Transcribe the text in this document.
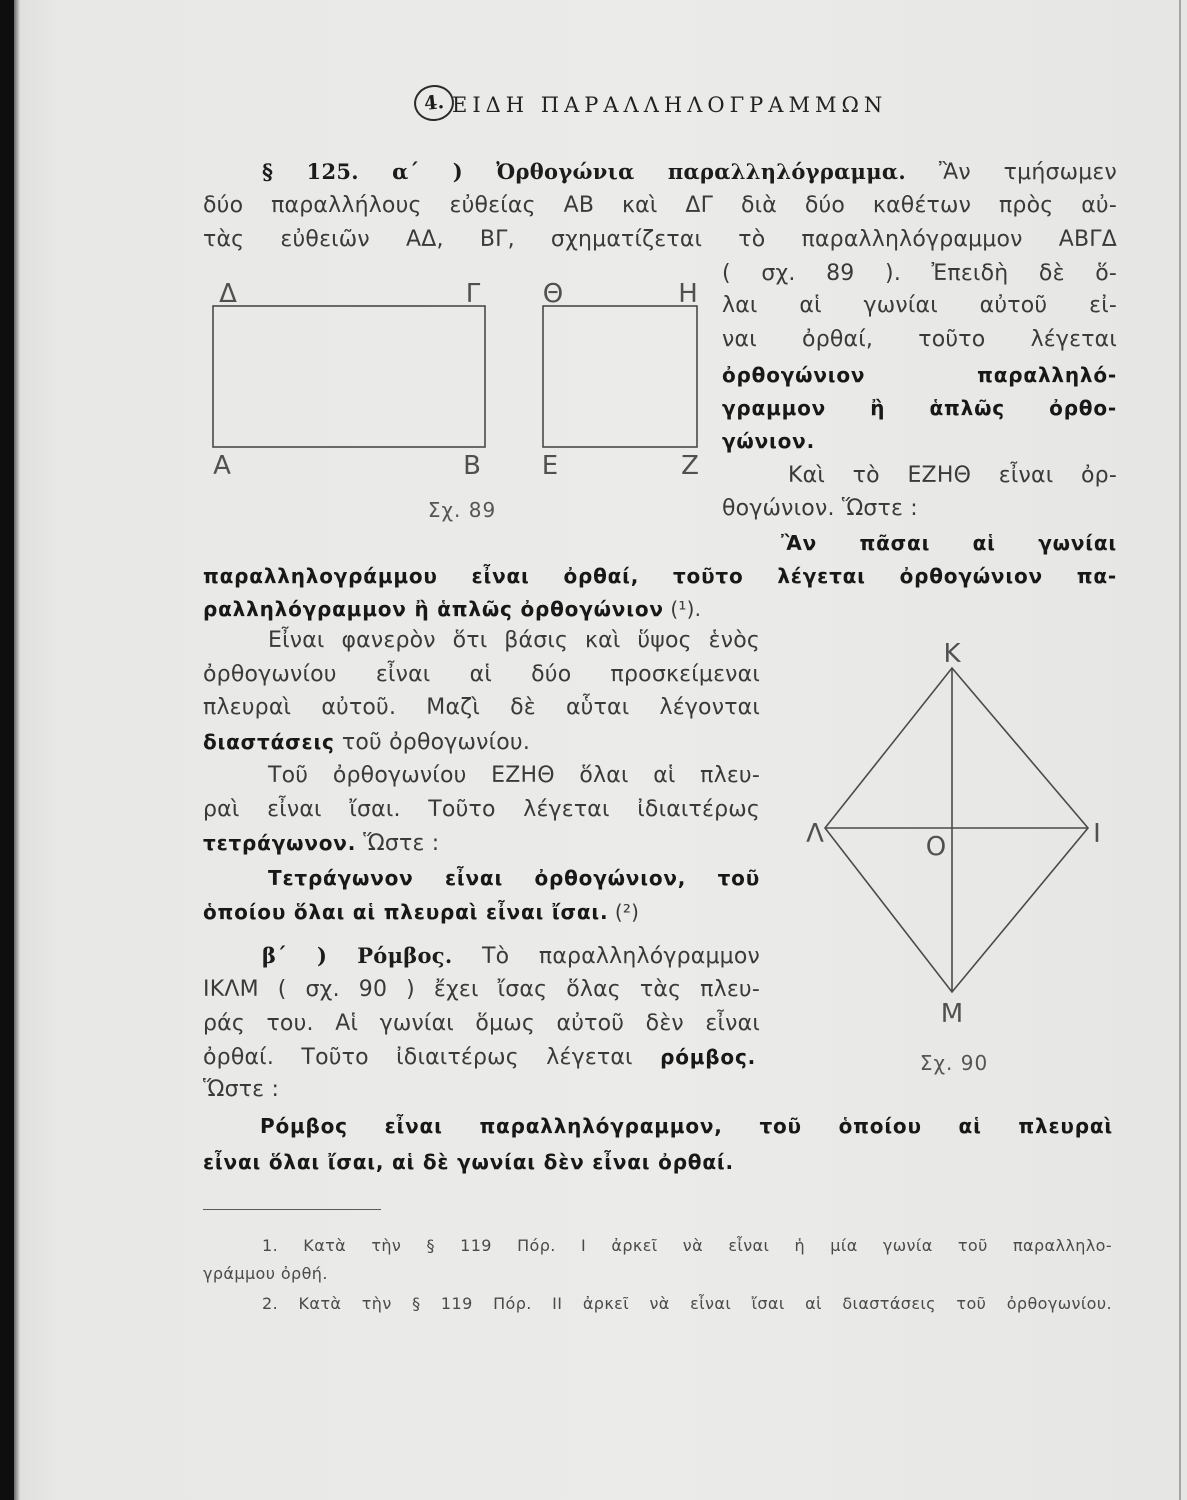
4. ΕΙΔΗ ΠΑΡΑΛΛΗΛΟΓΡΑΜΜΩΝ
§ 125. α΄ ) Ὀρθογώνια παραλληλόγραμμα. Ἂν τμήσωμεν
δύο παραλλήλους εὐθείας ΑΒ καὶ ΔΓ διὰ δύο καθέτων πρὸς αὐ-
τὰς εὐθειῶν ΑΔ, ΒΓ, σχηματίζεται τὸ παραλληλόγραμμον ΑΒΓΔ
( σχ. 89 ). Ἐπειδὴ δὲ ὅ-
λαι αἱ γωνίαι αὐτοῦ εἰ-
ναι ὀρθαί, τοῦτο λέγεται
ὀρθογώνιον παραλληλό-
γραμμον ἢ ἁπλῶς ὀρθο-
γώνιον.
Καὶ τὸ ΕΖΗΘ εἶναι ὀρ-
θογώνιον. Ὥστε :
Ἂν πᾶσαι αἱ γωνίαι
παραλληλογράμμου εἶναι ὀρθαί, τοῦτο λέγεται ὀρθογώνιον πα-
ραλληλόγραμμον ἢ ἁπλῶς ὀρθογώνιον (¹).
Δ	Γ
Α	Β
Θ	Η
Ε	Ζ
Σχ. 89
Εἶναι φανερὸν ὅτι βάσις καὶ ὕψος ἑνὸς
ὀρθογωνίου εἶναι αἱ δύο προσκείμεναι
πλευραὶ αὐτοῦ. Μαζὶ δὲ αὗται λέγονται
διαστάσεις τοῦ ὀρθογωνίου.
Τοῦ ὀρθογωνίου ΕΖΗΘ ὅλαι αἱ πλευ-
ραὶ εἶναι ἴσαι. Τοῦτο λέγεται ἰδιαιτέρως
τετράγωνον. Ὥστε :
Τετράγωνον εἶναι ὀρθογώνιον, τοῦ
ὁποίου ὅλαι αἱ πλευραὶ εἶναι ἴσαι. (²)
β΄ ) Ρόμβος. Τὸ παραλληλόγραμμον
ΙΚΛΜ ( σχ. 90 ) ἔχει ἴσας ὅλας τὰς πλευ-
ράς του. Αἱ γωνίαι ὅμως αὐτοῦ δὲν εἶναι
ὀρθαί. Τοῦτο ἰδιαιτέρως λέγεται ρόμβος.
Ὥστε :
Ρόμβος εἶναι παραλληλόγραμμον, τοῦ ὁποίου αἱ πλευραὶ
εἶναι ὅλαι ἴσαι, αἱ δὲ γωνίαι δὲν εἶναι ὀρθαί.
Κ
Λ	Ο	Ι
Μ
Σχ. 90
1. Κατὰ τὴν § 119 Πόρ. Ι ἀρκεῖ νὰ εἶναι ἡ μία γωνία τοῦ παραλληλο-
γράμμου ὀρθή.
2. Κατὰ τὴν § 119 Πόρ. ΙΙ ἀρκεῖ νὰ εἶναι ἴσαι αἱ διαστάσεις τοῦ ὀρθογωνίου.
